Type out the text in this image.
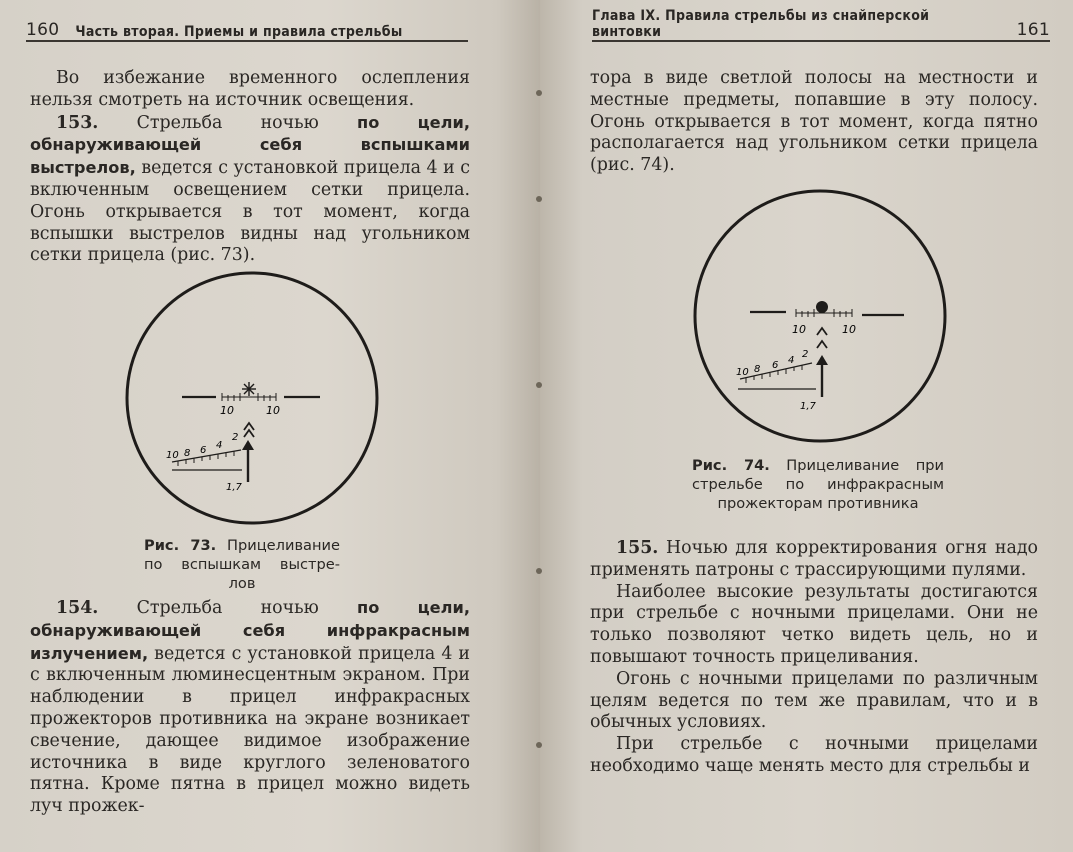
160 Часть вторая. Приемы и правила стрельбы

Во избежание временного ослепления

нельзя смотреть на источник освещения.

153. Стрельба ночью по цели, обнаруживающей себя вспышками выстрелов, ведется с установкой прицела 4 и с включенным освещением сетки прицела. Огонь открывается в тот момент, когда вспышки выстрелов видны над угольником сетки прицела (рис. 73).

10	10
10 8 6 4
2
1,7
Рис. 73. Прицеливание
по вспышкам выстре-
лов

154. Стрельба ночью по цели, обнаруживающей себя инфракрасным излучением, ведется с установкой прицела 4 и с включенным люминесцентным экраном. При наблюдении в прицел инфракрасных прожекторов противника на экране возникает свечение, дающее видимое изображение источника в виде круглого зеленоватого пятна. Кроме пятна в прицел можно видеть луч прожек-

Глава IX. Правила стрельбы из снайперской винтовки	161

тора в виде светлой полосы на местности и местные предметы, попавшие в эту полосу. Огонь открывается в тот момент, когда пятно располагается над угольником сетки прицела (рис. 74).

10	10
10 8 6 4
2
1,7
Рис. 74. Прицеливание при
стрельбе по инфракрасным
прожекторам противника

155. Ночью для корректирования огня надо применять патроны с трассирующими пулями.

Наиболее высокие результаты достигаются при стрельбе с ночными прицелами. Они не только позволяют четко видеть цель, но и повышают точность прицеливания.

Огонь с ночными прицелами по различным целям ведется по тем же правилам, что и в обычных условиях.

При стрельбе с ночными прицелами необходимо чаще менять место для стрельбы и
